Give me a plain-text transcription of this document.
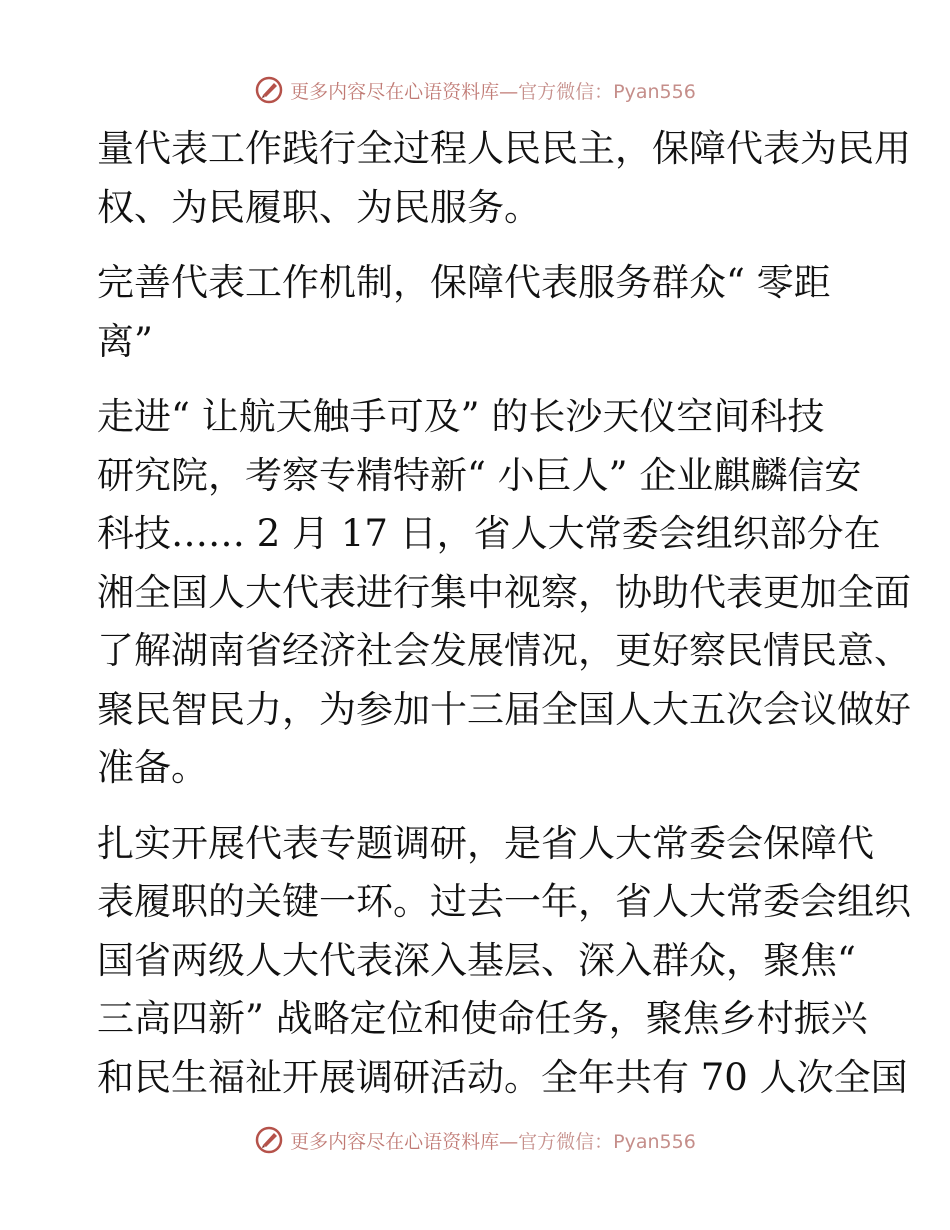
更多内容尽在心语资料库—官方微信：Pyan556
量代表工作践行全过程人民民主，保障代表为民用
权、为民履职、为民服务。
完善代表工作机制，保障代表服务群众“ 零距
离”
走进“ 让航天触手可及” 的长沙天仪空间科技
研究院，考察专精特新“ 小巨人” 企业麒麟信安
科技…… 2 月 17 日，省人大常委会组织部分在
湘全国人大代表进行集中视察，协助代表更加全面
了解湖南省经济社会发展情况，更好察民情民意、
聚民智民力，为参加十三届全国人大五次会议做好
准备。
扎实开展代表专题调研，是省人大常委会保障代
表履职的关键一环。过去一年，省人大常委会组织
国省两级人大代表深入基层、深入群众，聚焦“
三高四新” 战略定位和使命任务，聚焦乡村振兴
和民生福祉开展调研活动。全年共有 70 人次全国
更多内容尽在心语资料库—官方微信：Pyan556
